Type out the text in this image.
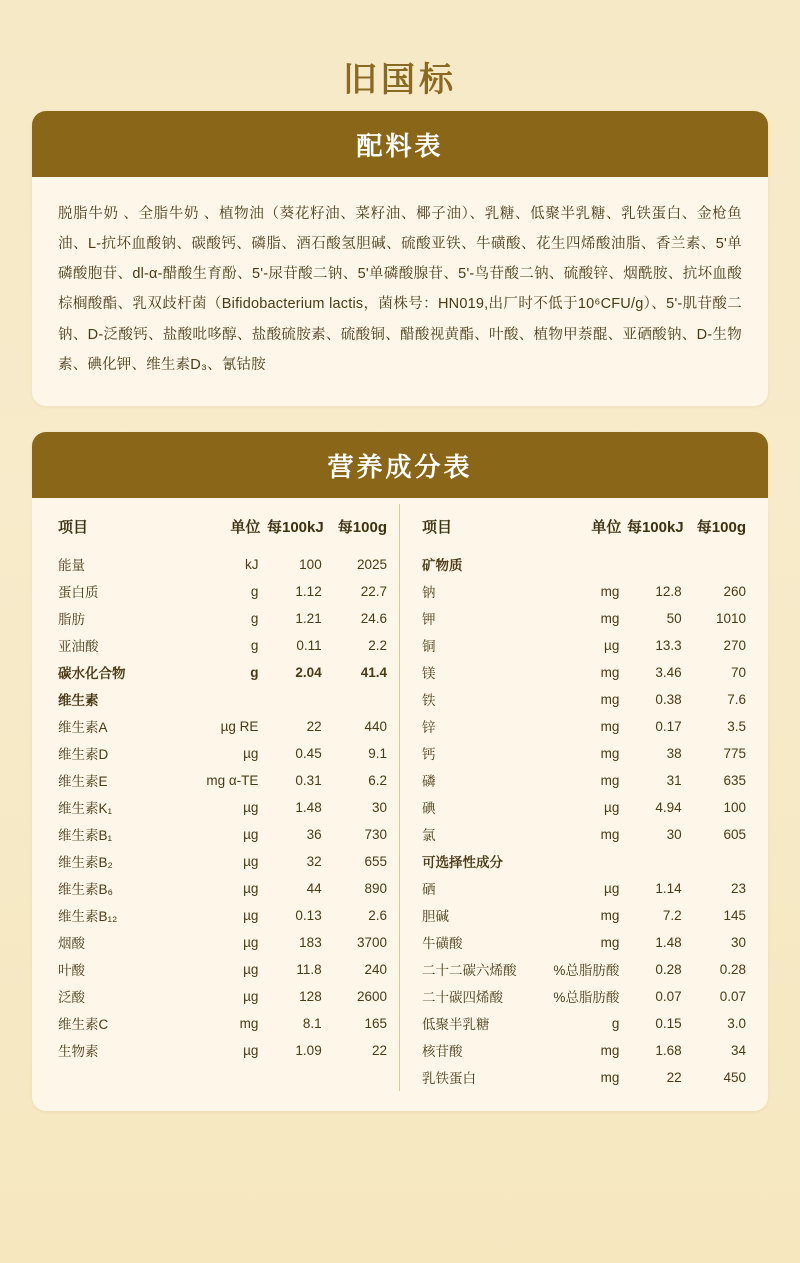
旧国标
配料表

脱脂牛奶 、全脂牛奶 、植物油（葵花籽油、菜籽油、椰子油）、乳糖、低聚半乳糖、乳铁蛋白、金枪鱼油、L-抗坏血酸钠、碳酸钙、磷脂、酒石酸氢胆碱、硫酸亚铁、牛磺酸、花生四烯酸油脂、香兰素、5'单磷酸胞苷、dl-α-醋酸生育酚、5'-尿苷酸二钠、5'单磷酸腺苷、5'-鸟苷酸二钠、硫酸锌、烟酰胺、抗坏血酸棕榈酸酯、乳双歧杆菌（Bifidobacterium lactis，菌株号：HN019,出厂时不低于10⁶CFU/g）、5'-肌苷酸二钠、D-泛酸钙、盐酸吡哆醇、盐酸硫胺素、硫酸铜、醋酸视黄酯、叶酸、植物甲萘醌、亚硒酸钠、D-生物素、碘化钾、维生素D₃、氰钴胺

营养成分表
项目	单位	每100kJ	每100g
能量	kJ	100	2025
蛋白质	g	1.12	22.7
脂肪	g	1.21	24.6
亚油酸	g	0.11	2.2
碳水化合物	g	2.04	41.4
维生素			
维生素A	µg RE	22	440
维生素D	µg	0.45	9.1
维生素E	mg α-TE	0.31	6.2
维生素K₁	µg	1.48	30
维生素B₁	µg	36	730
维生素B₂	µg	32	655
维生素B₆	µg	44	890
维生素B₁₂	µg	0.13	2.6
烟酸	µg	183	3700
叶酸	µg	11.8	240
泛酸	µg	128	2600
维生素C	mg	8.1	165
生物素	µg	1.09	22
项目	单位	每100kJ	每100g
矿物质			
钠	mg	12.8	260
钾	mg	50	1010
铜	µg	13.3	270
镁	mg	3.46	70
铁	mg	0.38	7.6
锌	mg	0.17	3.5
钙	mg	38	775
磷	mg	31	635
碘	µg	4.94	100
氯	mg	30	605
可选择性成分			
硒	µg	1.14	23
胆碱	mg	7.2	145
牛磺酸	mg	1.48	30
二十二碳六烯酸	%总脂肪酸	0.28	0.28
二十碳四烯酸	%总脂肪酸	0.07	0.07
低聚半乳糖	g	0.15	3.0
核苷酸	mg	1.68	34
乳铁蛋白	mg	22	450
